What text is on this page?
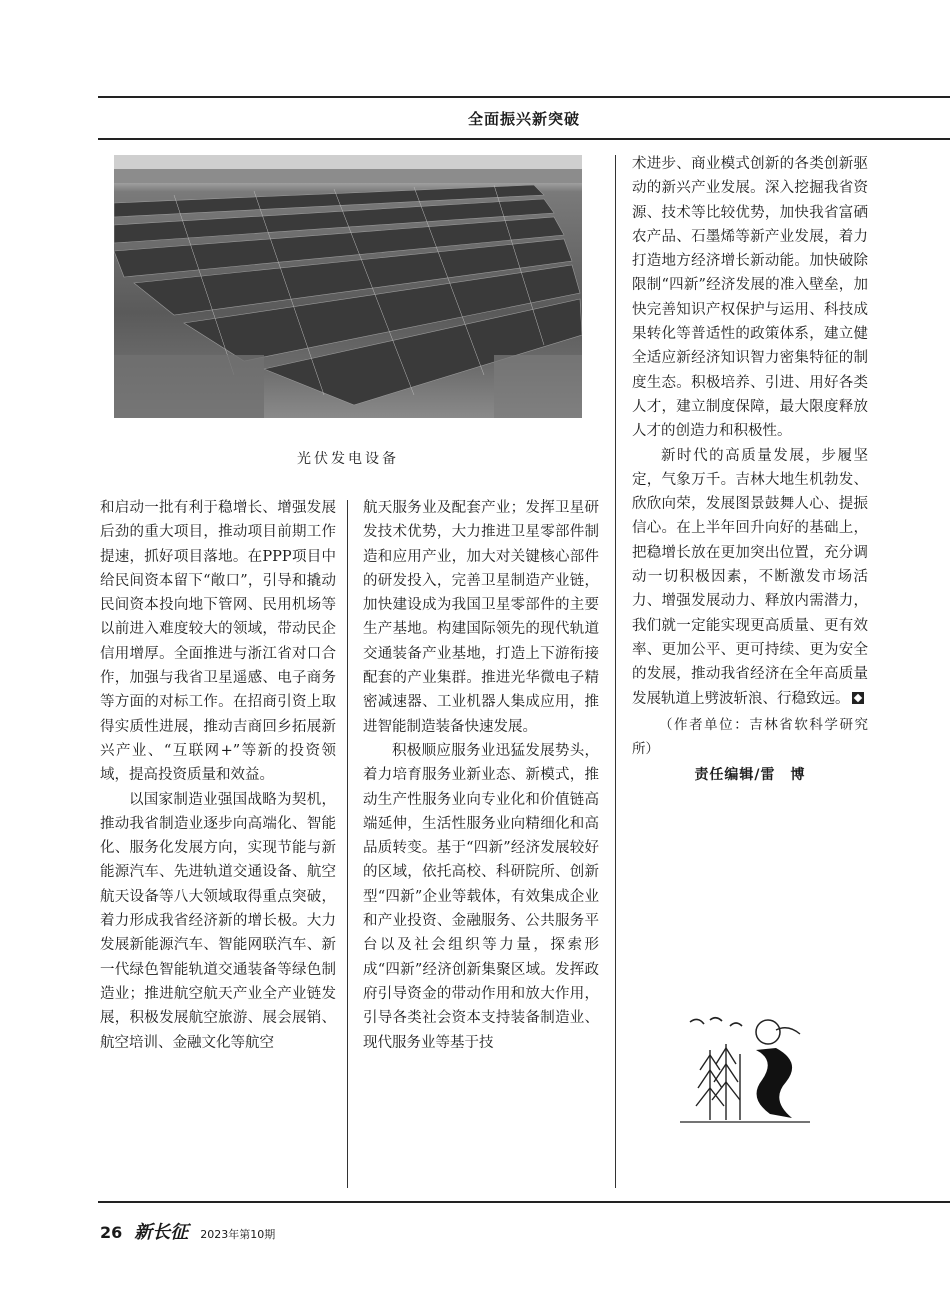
全面振兴新突破
光伏发电设备

和启动一批有利于稳增长、增强发展后劲的重大项目，推动项目前期工作提速，抓好项目落地。在PPP项目中给民间资本留下“敞口”，引导和撬动民间资本投向地下管网、民用机场等以前进入难度较大的领域，带动民企信用增厚。全面推进与浙江省对口合作，加强与我省卫星遥感、电子商务等方面的对标工作。在招商引资上取得实质性进展，推动吉商回乡拓展新兴产业、“互联网+”等新的投资领域，提高投资质量和效益。

以国家制造业强国战略为契机，推动我省制造业逐步向高端化、智能化、服务化发展方向，实现节能与新能源汽车、先进轨道交通设备、航空航天设备等八大领域取得重点突破，着力形成我省经济新的增长极。大力发展新能源汽车、智能网联汽车、新一代绿色智能轨道交通装备等绿色制造业；推进航空航天产业全产业链发展，积极发展航空旅游、展会展销、航空培训、金融文化等航空

航天服务业及配套产业；发挥卫星研发技术优势，大力推进卫星零部件制造和应用产业，加大对关键核心部件的研发投入，完善卫星制造产业链，加快建设成为我国卫星零部件的主要生产基地。构建国际领先的现代轨道交通装备产业基地，打造上下游衔接配套的产业集群。推进光华微电子精密减速器、工业机器人集成应用，推进智能制造装备快速发展。

积极顺应服务业迅猛发展势头，着力培育服务业新业态、新模式，推动生产性服务业向专业化和价值链高端延伸，生活性服务业向精细化和高品质转变。基于“四新”经济发展较好的区域，依托高校、科研院所、创新型“四新”企业等载体，有效集成企业和产业投资、金融服务、公共服务平台以及社会组织等力量，探索形成“四新”经济创新集聚区域。发挥政府引导资金的带动作用和放大作用，引导各类社会资本支持装备制造业、现代服务业等基于技

术进步、商业模式创新的各类创新驱动的新兴产业发展。深入挖掘我省资源、技术等比较优势，加快我省富硒农产品、石墨烯等新产业发展，着力打造地方经济增长新动能。加快破除限制“四新”经济发展的准入壁垒，加快完善知识产权保护与运用、科技成果转化等普适性的政策体系，建立健全适应新经济知识智力密集特征的制度生态。积极培养、引进、用好各类人才，建立制度保障，最大限度释放人才的创造力和积极性。

新时代的高质量发展，步履坚定，气象万千。吉林大地生机勃发、欣欣向荣，发展图景鼓舞人心、提振信心。在上半年回升向好的基础上，把稳增长放在更加突出位置，充分调动一切积极因素，不断激发市场活力、增强发展动力、释放内需潜力，我们就一定能实现更高质量、更有效率、更加公平、更可持续、更为安全的发展，推动我省经济在全年高质量发展轨道上劈波斩浪、行稳致远。

（作者单位：吉林省软科学研究所）

责任编辑/雷　博

26 新长征 2023年第10期
